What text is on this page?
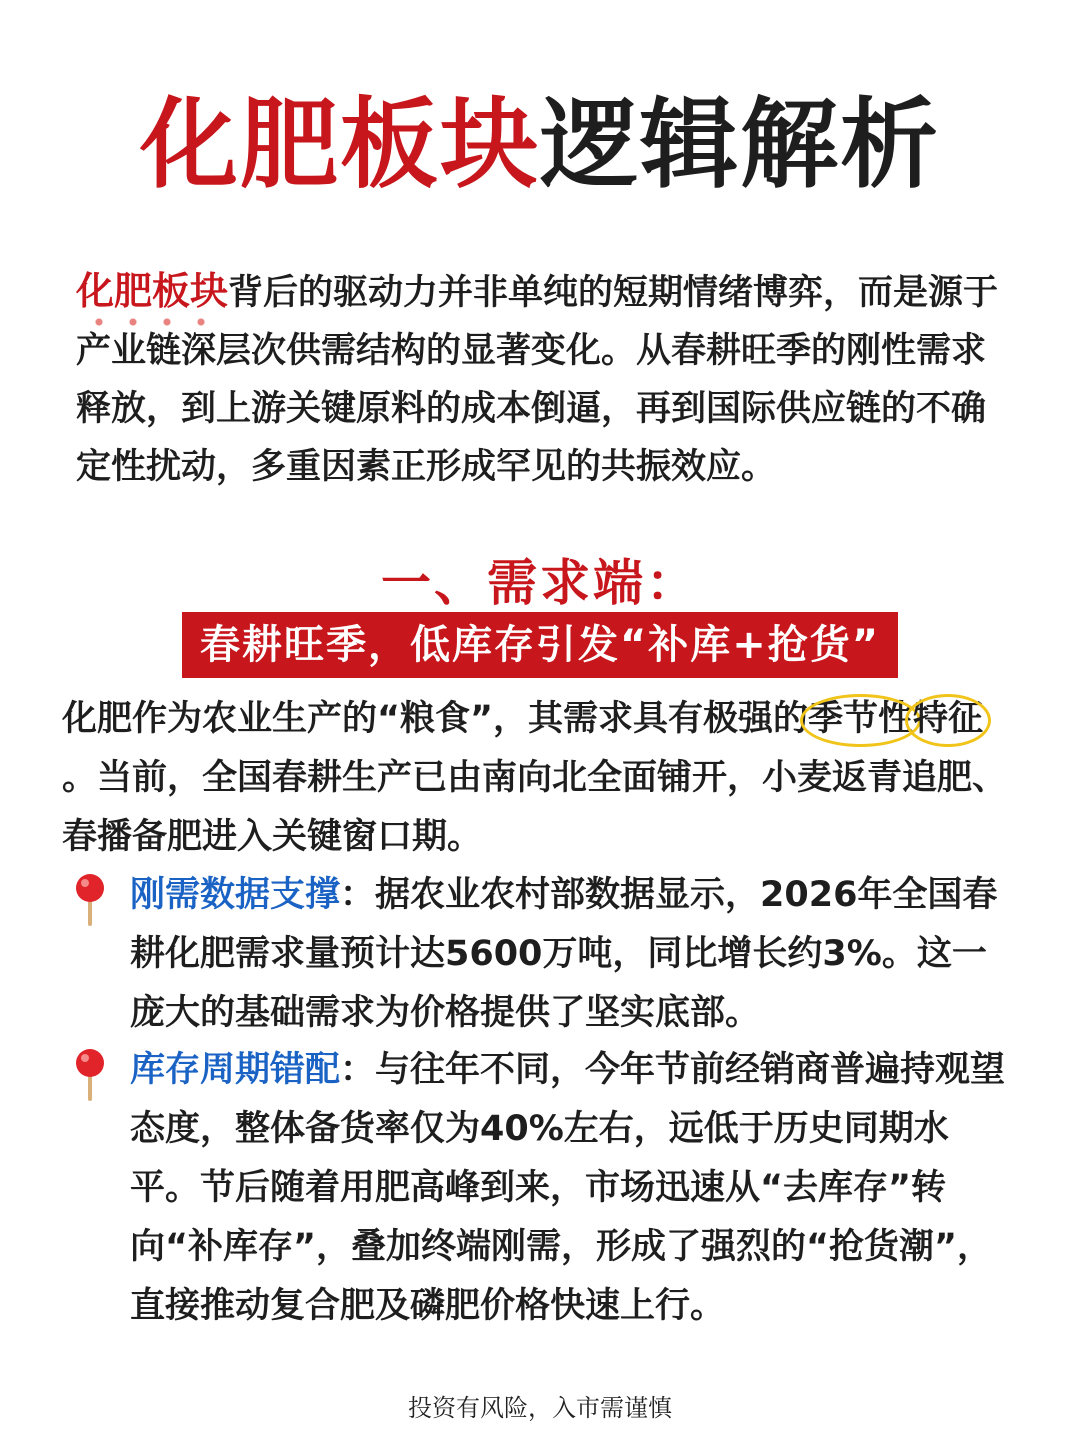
化肥板块逻辑解析
化肥板块背后的驱动力并非单纯的短期情绪博弈，而是源于产业链深层次供需结构的显著变化。从春耕旺季的刚性需求释放，到上游关键原料的成本倒逼，再到国际供应链的不确定性扰动，多重因素正形成罕见的共振效应。
一、需求端：
春耕旺季，低库存引发“补库+抢货”
化肥作为农业生产的“粮食”，其需求具有极强的季节性特征。当前，全国春耕生产已由南向北全面铺开，小麦返青追肥、春播备肥进入关键窗口期。
刚需数据支撑：据农业农村部数据显示，2026年全国春耕化肥需求量预计达5600万吨，同比增长约3%。这一庞大的基础需求为价格提供了坚实底部。
库存周期错配：与往年不同，今年节前经销商普遍持观望态度，整体备货率仅为40%左右，远低于历史同期水平。节后随着用肥高峰到来，市场迅速从“去库存”转向“补库存”，叠加终端刚需，形成了强烈的“抢货潮”，直接推动复合肥及磷肥价格快速上行。
投资有风险，入市需谨慎
